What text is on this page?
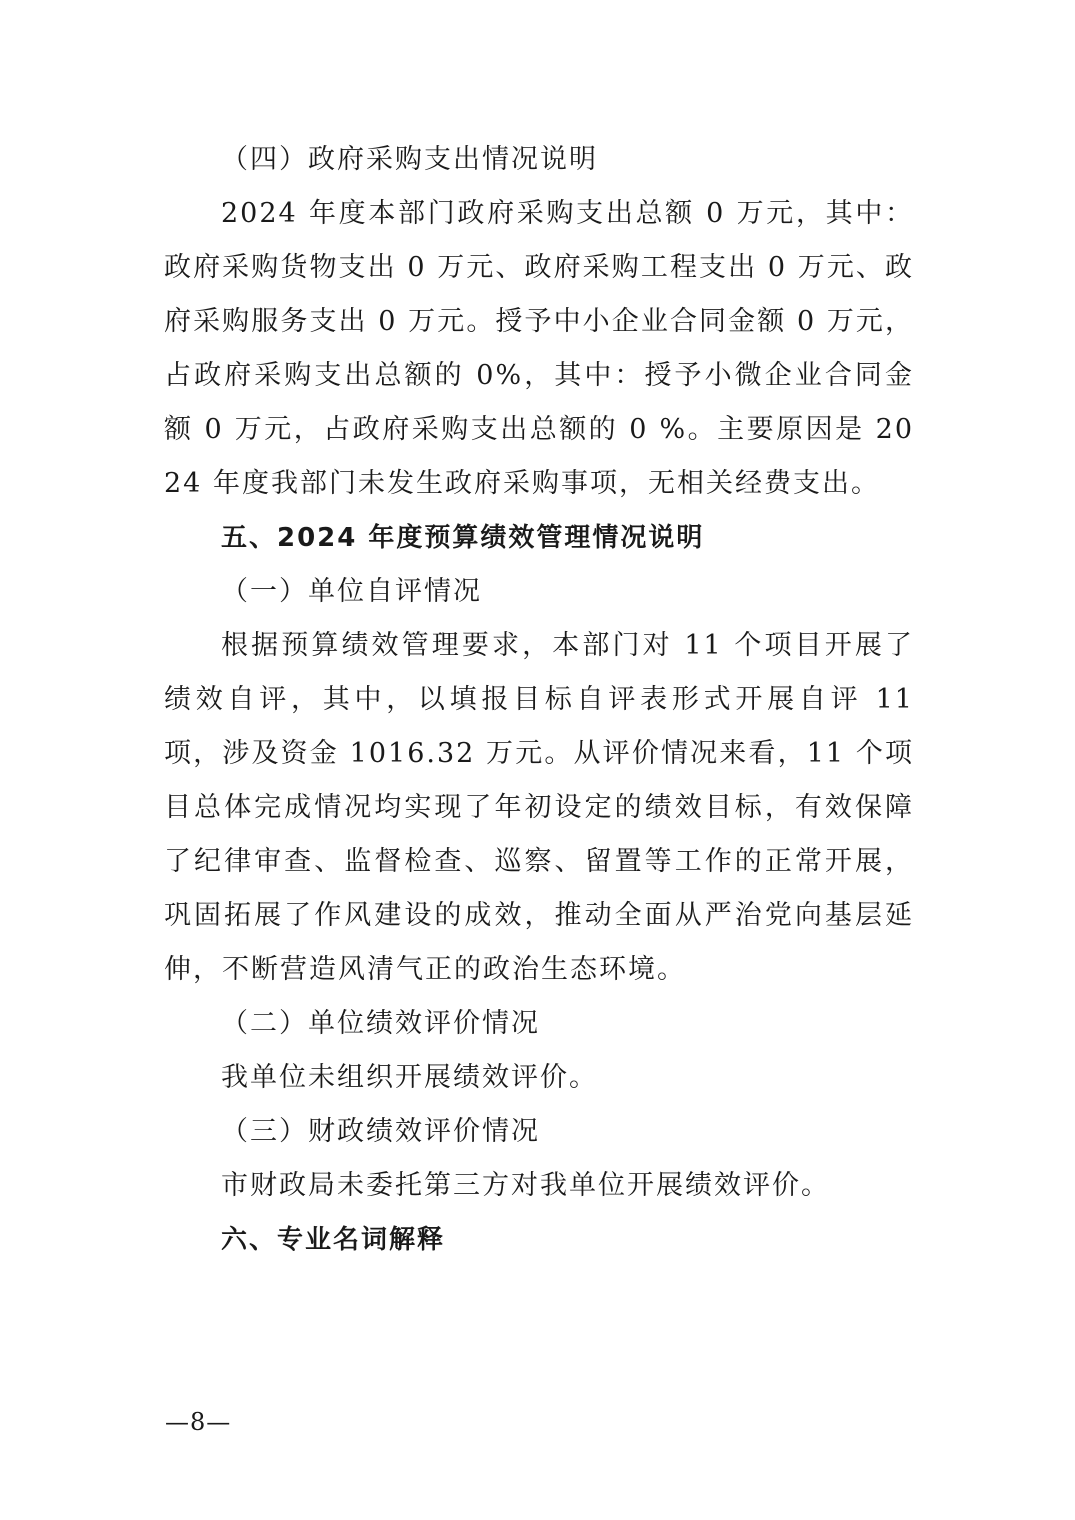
（四）政府采购支出情况说明

2024 年度本部门政府采购支出总额 0 万元，其中：政府采购货物支出 0 万元、政府采购工程支出 0 万元、政府采购服务支出 0 万元。授予中小企业合同金额 0 万元，占政府采购支出总额的 0%，其中：授予小微企业合同金额 0 万元，占政府采购支出总额的 0 %。主要原因是 2024 年度我部门未发生政府采购事项，无相关经费支出。

五、2024 年度预算绩效管理情况说明

（一）单位自评情况

根据预算绩效管理要求，本部门对 11 个项目开展了绩效自评，其中，以填报目标自评表形式开展自评 11 项，涉及资金 1016.32 万元。从评价情况来看，11 个项目总体完成情况均实现了年初设定的绩效目标，有效保障了纪律审查、监督检查、巡察、留置等工作的正常开展，巩固拓展了作风建设的成效，推动全面从严治党向基层延伸，不断营造风清气正的政治生态环境。

（二）单位绩效评价情况

我单位未组织开展绩效评价。

（三）财政绩效评价情况

市财政局未委托第三方对我单位开展绩效评价。

六、专业名词解释

—8—
